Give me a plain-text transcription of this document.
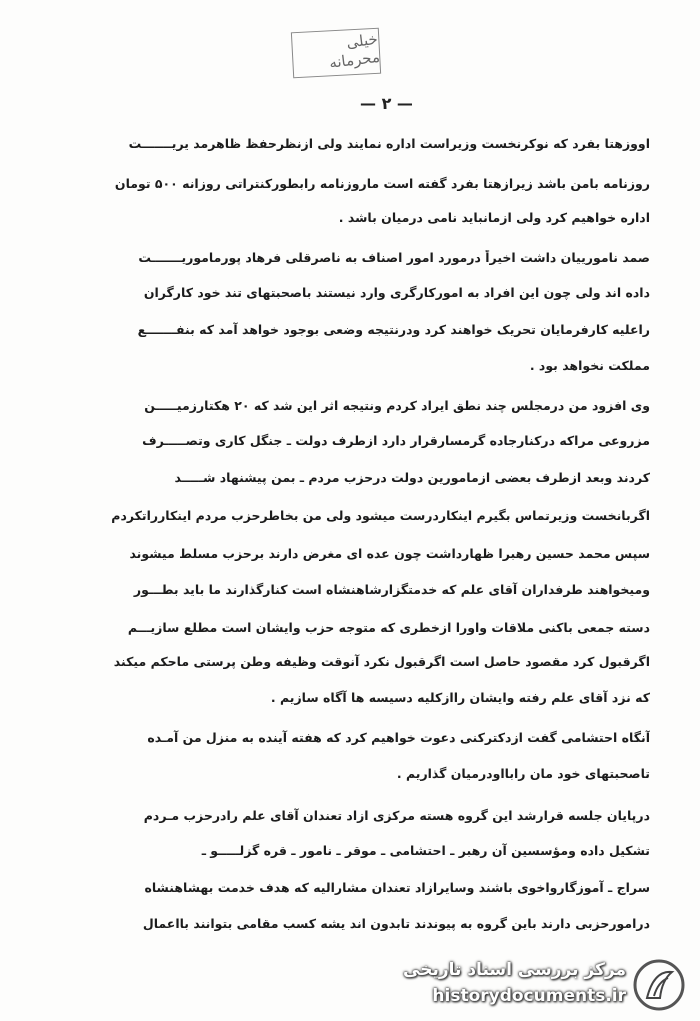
خیلی محرمانه
— ۲ —
اووزهتا بفرد که نوکرنخست وزیراست اداره نمایند ولی ازنظرحفظ ظاهرمد یریـــــــت
روزنامه بامن باشد زیرازهتا بفرد گفته است ماروزنامه رابطورکنتراتی روزانه ۵۰۰ تومان
اداره خواهیم کرد ولی ازمانباید نامی درمیان باشد .
صمد نامورییان داشت اخیراً درمورد امور اصناف به ناصرقلی فرهاد پورماموریـــــــت
داده اند ولی چون این افراد به امورکارگری وارد نیستند باصحبتهای تند خود کارگران
راعلیه کارفرمایان تحریک خواهند کرد ودرنتیجه وضعی بوجود خواهد آمد که بنفـــــــع
مملکت نخواهد بود .
وی افزود من درمجلس چند نطق ایراد کردم ونتیجه اثر این شد که ۲۰ هکتارزمیـــــن
مزروعی مراکه درکنارجاده گرمسارقرار دارد ازطرف دولت ـ جنگل کاری وتصـــــرف
کردند وبعد ازطرف بعضی ازمامورین دولت درحزب مردم ـ بمن پیشنهاد شـــــد
اگربانخست وزیرتماس بگیرم اینکاردرست میشود ولی من بخاطرحزب مردم اینکارراتکردم
سپس محمد حسین رهبرا ظهارداشت چون عده ای مغرض دارند برحزب مسلط میشوند
ومیخواهند طرفداران آقای علم که خدمتگزارشاهنشاه است کنارگذارند ما باید بطـــور
دسته جمعی باکنی ملاقات واورا ازخطری که متوجه حزب وایشان است مطلع سازیـــم
اگرقبول کرد مقصود حاصل است اگرقبول نکرد آنوقت وظیفه وطن پرستی ماحکم میکند
که نزد آقای علم رفته وایشان راازکلیه دسیسه ها آگاه سازیم .
آنگاه احتشامی گفت ازدکترکنی دعوت خواهیم کرد که هفته آینده به منزل من آمـده
تاصحبتهای خود مان رابااودرمیان گذاریم .
درپایان جلسه قرارشد این گروه هسته مرکزی ازاد تعندان آقای علم رادرحزب مـردم
تشکیل داده ومؤسسین آن رهبر ـ احتشامی ـ موقر ـ نامور ـ قره گزلـــــو ـ
سراج ـ آموزگارواخوی باشند وسایرازاد تعندان مشارالیه که هدف خدمت بهشاهنشاه
درامورحزبی دارند باین گروه به پیوندند تابدون اند یشه کسب مقامی بتوانند بااعمال
مرکز بررسی اسناد تاریخی
historydocuments.ir
